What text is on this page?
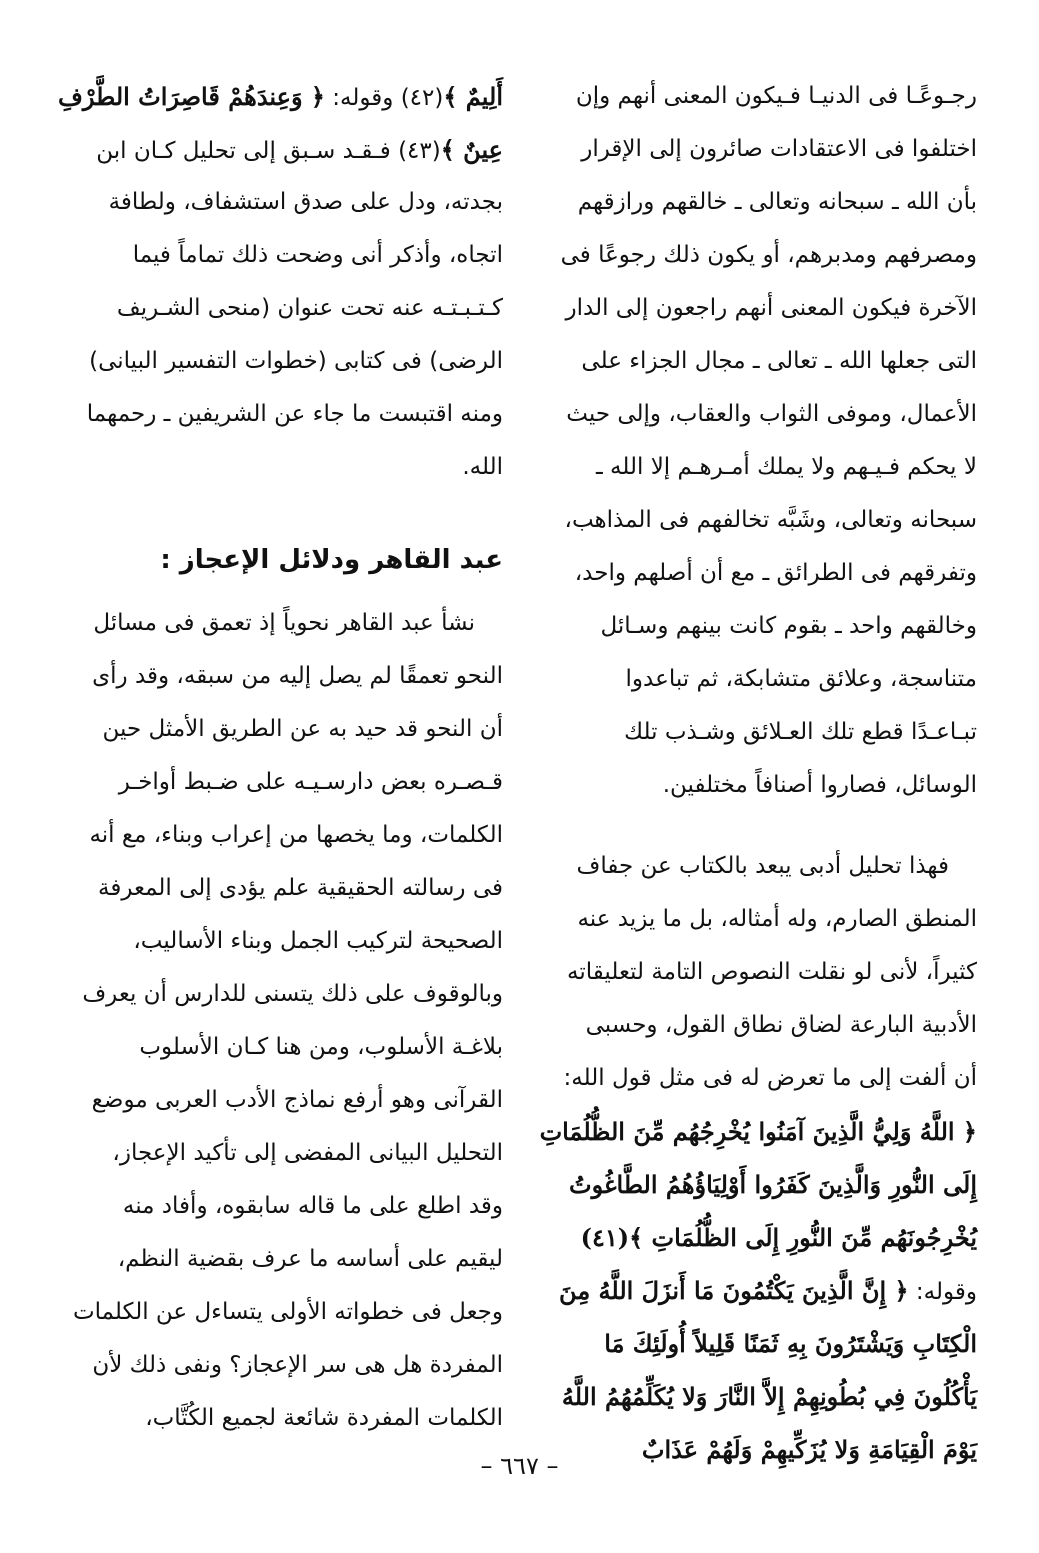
رجـوعًـا فى الدنيـا فـيكون المعنى أنهم وإن
اختلفوا فى الاعتقادات صائرون إلى الإقرار
بأن الله ـ سبحانه وتعالى ـ خالقهم ورازقهم
ومصرفهم ومدبرهم، أو يكون ذلك رجوعًا فى
الآخرة فيكون المعنى أنهم راجعون إلى الدار
التى جعلها الله ـ تعالى ـ مجال الجزاء على
الأعمال، وموفى الثواب والعقاب، وإلى حيث
لا يحكم فـيـهم ولا يملك أمـرهـم إلا الله ـ
سبحانه وتعالى، وشَبَّه تخالفهم فى المذاهب،
وتفرقهم فى الطرائق ـ مع أن أصلهم واحد،
وخالقهم واحد ـ بقوم كانت بينهم وسـائل
متناسجة، وعلائق متشابكة، ثم تباعدوا
تبـاعـدًا قطع تلك العـلائق وشـذب تلك
الوسائل، فصاروا أصنافاً مختلفين.
فهذا تحليل أدبى يبعد بالكتاب عن جفاف
المنطق الصارم، وله أمثاله، بل ما يزيد عنه
كثيراً، لأنى لو نقلت النصوص التامة لتعليقاته
الأدبية البارعة لضاق نطاق القول، وحسبى
أن ألفت إلى ما تعرض له فى مثل قول الله:
﴿ اللَّهُ وَلِيُّ الَّذِينَ آمَنُوا يُخْرِجُهُم مِّنَ الظُّلُمَاتِ
إِلَى النُّورِ وَالَّذِينَ كَفَرُوا أَوْلِيَاؤُهُمُ الطَّاغُوتُ
يُخْرِجُونَهُم مِّنَ النُّورِ إِلَى الظُّلُمَاتِ ﴾(٤١)
وقوله: ﴿ إِنَّ الَّذِينَ يَكْتُمُونَ مَا أَنزَلَ اللَّهُ مِنَ
الْكِتَابِ وَيَشْتَرُونَ بِهِ ثَمَنًا قَلِيلاً أُولَئِكَ مَا
يَأْكُلُونَ فِي بُطُونِهِمْ إِلاَّ النَّارَ وَلا يُكَلِّمُهُمُ اللَّهُ
يَوْمَ الْقِيَامَةِ وَلا يُزَكِّيهِمْ وَلَهُمْ عَذَابٌ
أَلِيمٌ ﴾(٤٢) وقوله: ﴿ وَعِندَهُمْ قَاصِرَاتُ الطَّرْفِ
عِينٌ ﴾(٤٣) فـقـد سـبق إلى تحليل كـان ابن
بجدته، ودل على صدق استشفاف، ولطافة
اتجاه، وأذكر أنى وضحت ذلك تماماً فيما
كـتـبـتـه عنه تحت عنوان (منحى الشـريف
الرضى) فى كتابى (خطوات التفسير البيانى)
ومنه اقتبست ما جاء عن الشريفين ـ رحمهما
الله.
عبد القاهر ودلائل الإعجاز :
نشأ عبد القاهر نحوياً إذ تعمق فى مسائل
النحو تعمقًا لم يصل إليه من سبقه، وقد رأى
أن النحو قد حيد به عن الطريق الأمثل حين
قـصـره بعض دارسـيـه على ضـبط أواخـر
الكلمات، وما يخصها من إعراب وبناء، مع أنه
فى رسالته الحقيقية علم يؤدى إلى المعرفة
الصحيحة لتركيب الجمل وبناء الأساليب،
وبالوقوف على ذلك يتسنى للدارس أن يعرف
بلاغـة الأسلوب، ومن هنا كـان الأسلوب
القرآنى وهو أرفع نماذج الأدب العربى موضع
التحليل البيانى المفضى إلى تأكيد الإعجاز،
وقد اطلع على ما قاله سابقوه، وأفاد منه
ليقيم على أساسه ما عرف بقضية النظم،
وجعل فى خطواته الأولى يتساءل عن الكلمات
المفردة هل هى سر الإعجاز؟ ونفى ذلك لأن
الكلمات المفردة شائعة لجميع الكُتَّاب،
– ٦٦٧ –
